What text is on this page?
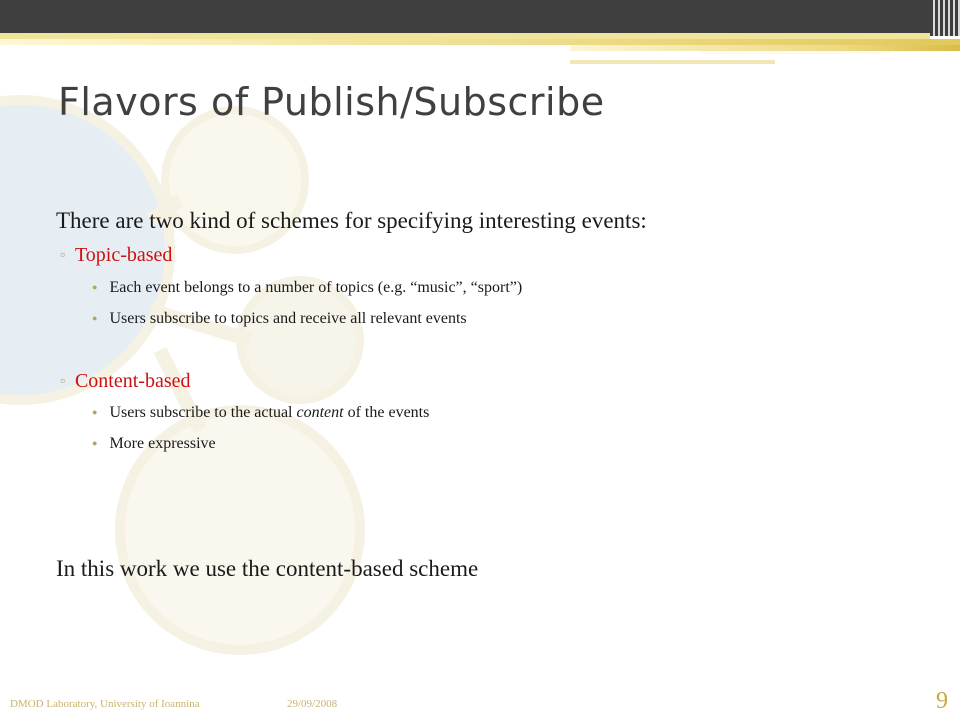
Flavors of Publish/Subscribe
There are two kind of schemes for specifying interesting events:
▫ Topic-based
● Each event belongs to a number of topics (e.g. “music”, “sport”)
● Users subscribe to topics and receive all relevant events
▫ Content-based
● Users subscribe to the actual content of the events
● More expressive
In this work we use the content-based scheme
DMOD Laboratory, University of Ioannina	29/09/2008	9
